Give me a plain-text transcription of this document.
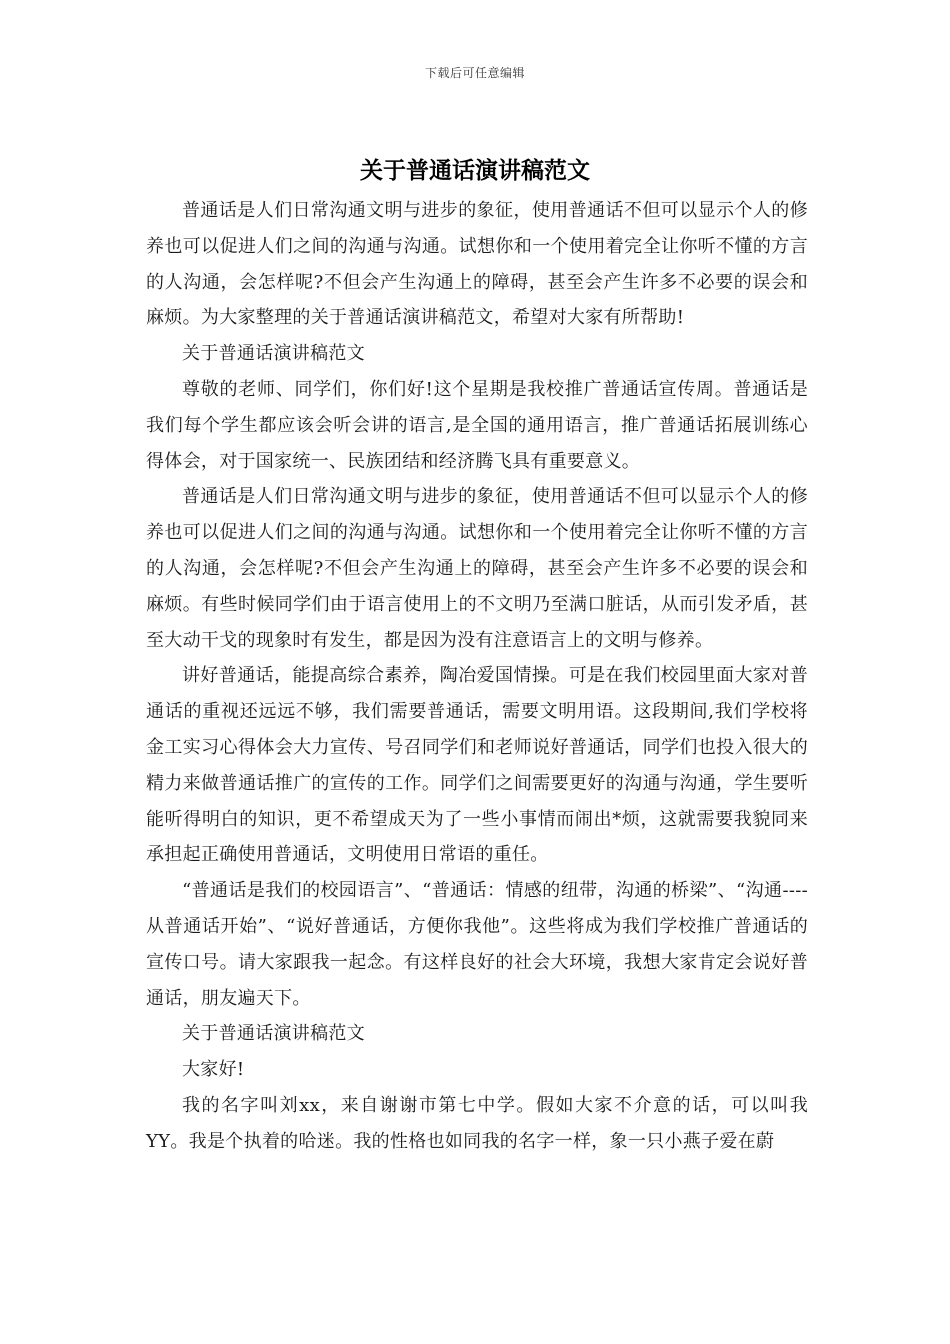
下载后可任意编辑
关于普通话演讲稿范文

普通话是人们日常沟通文明与进步的象征，使用普通话不但可以显示个人的修养也可以促进人们之间的沟通与沟通。试想你和一个使用着完全让你听不懂的方言的人沟通，会怎样呢?不但会产生沟通上的障碍，甚至会产生许多不必要的误会和麻烦。为大家整理的关于普通话演讲稿范文，希望对大家有所帮助!

关于普通话演讲稿范文

尊敬的老师、同学们，你们好!这个星期是我校推广普通话宣传周。普通话是我们每个学生都应该会听会讲的语言,是全国的通用语言，推广普通话拓展训练心得体会，对于国家统一、民族团结和经济腾飞具有重要意义。

普通话是人们日常沟通文明与进步的象征，使用普通话不但可以显示个人的修养也可以促进人们之间的沟通与沟通。试想你和一个使用着完全让你听不懂的方言的人沟通，会怎样呢?不但会产生沟通上的障碍，甚至会产生许多不必要的误会和麻烦。有些时候同学们由于语言使用上的不文明乃至满口脏话，从而引发矛盾，甚至大动干戈的现象时有发生，都是因为没有注意语言上的文明与修养。

讲好普通话，能提高综合素养，陶冶爱国情操。可是在我们校园里面大家对普通话的重视还远远不够，我们需要普通话，需要文明用语。这段期间,我们学校将金工实习心得体会大力宣传、号召同学们和老师说好普通话，同学们也投入很大的精力来做普通话推广的宣传的工作。同学们之间需要更好的沟通与沟通，学生要听能听得明白的知识，更不希望成天为了一些小事情而闹出*烦，这就需要我貌同来承担起正确使用普通话，文明使用日常语的重任。

“普通话是我们的校园语言”、“普通话：情感的纽带，沟通的桥梁”、“沟通----从普通话开始”、“说好普通话，方便你我他”。这些将成为我们学校推广普通话的宣传口号。请大家跟我一起念。有这样良好的社会大环境，我想大家肯定会说好普通话，朋友遍天下。

关于普通话演讲稿范文

大家好!

我的名字叫刘xx，来自谢谢市第七中学。假如大家不介意的话，可以叫我YY。我是个执着的哈迷。我的性格也如同我的名字一样，象一只小燕子爱在蔚
